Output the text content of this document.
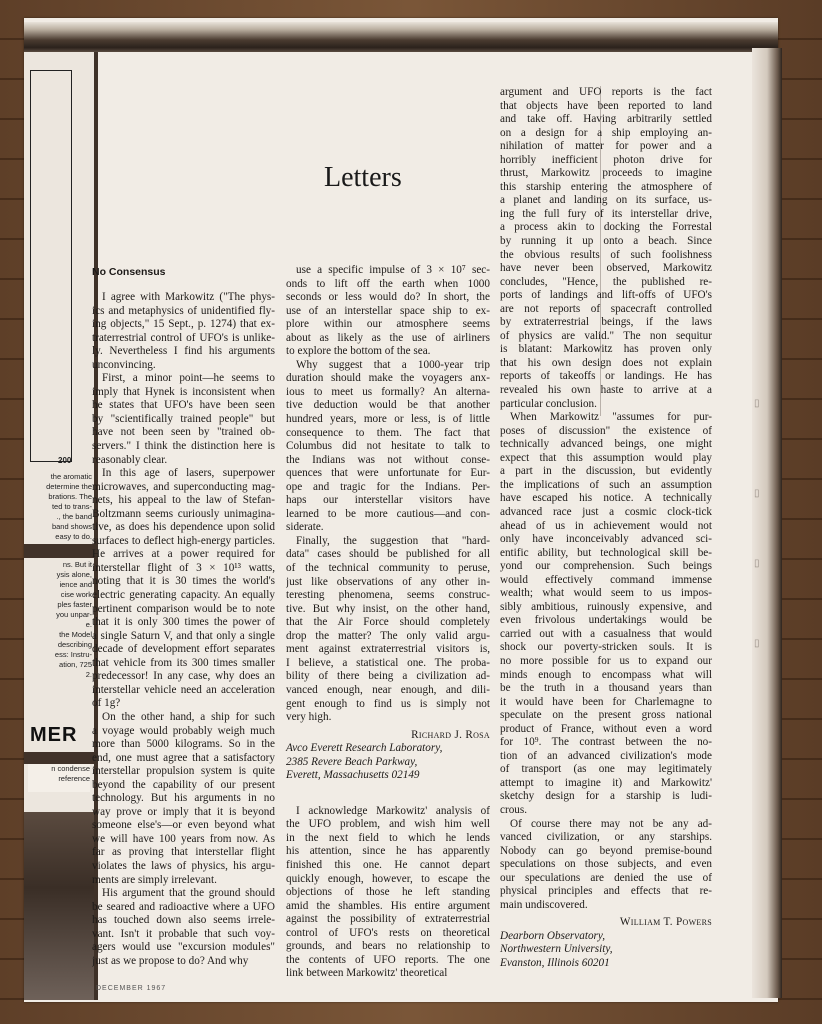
200
the aromatic
determine the
brations. The
ted to trans-
., the band
band shows
easy to do.
ns. But it
ysis alone,
ience and
cise work
ples faster
you unpar-
e.
the Model
describing
ess: Instru-
ation, 725
2.
MER
n condense
reference
▯
▯
▯
▯
Letters
No Consensus
I agree with Markowitz ("The phys-
ics and metaphysics of unidentified fly-
ing objects," 15 Sept., p. 1274) that ex-
traterrestrial control of UFO's is unlike-
ly. Nevertheless I find his arguments
unconvincing.
First, a minor point—he seems to
imply that Hynek is inconsistent when
he states that UFO's have been seen
by "scientifically trained people" but
have not been seen by "trained ob-
servers." I think the distinction here is
reasonably clear.
In this age of lasers, superpower
microwaves, and superconducting mag-
nets, his appeal to the law of Stefan-
Boltzmann seems curiously unimagina-
tive, as does his dependence upon solid
surfaces to deflect high-energy particles.
He arrives at a power required for
interstellar flight of 3 × 10¹³ watts,
noting that it is 30 times the world's
electric generating capacity. An equally
pertinent comparison would be to note
that it is only 300 times the power of
a single Saturn V, and that only a single
decade of development effort separates
that vehicle from its 300 times smaller
predecessor! In any case, why does an
interstellar vehicle need an acceleration
of 1g?
On the other hand, a ship for such
a voyage would probably weigh much
more than 5000 kilograms. So in the
end, one must agree that a satisfactory
interstellar propulsion system is quite
beyond the capability of our present
technology. But his arguments in no
way prove or imply that it is beyond
someone else's—or even beyond what
we will have 100 years from now. As
far as proving that interstellar flight
violates the laws of physics, his argu-
ments are simply irrelevant.
His argument that the ground should
be seared and radioactive where a UFO
has touched down also seems irrele-
vant. Isn't it probable that such voy-
agers would use "excursion modules"
just as we propose to do? And why
use a specific impulse of 3 × 10⁷ sec-
onds to lift off the earth when 1000
seconds or less would do? In short, the
use of an interstellar space ship to ex-
plore within our atmosphere seems
about as likely as the use of airliners
to explore the bottom of the sea.
Why suggest that a 1000-year trip
duration should make the voyagers anx-
ious to meet us formally? An alterna-
tive deduction would be that another
hundred years, more or less, is of little
consequence to them. The fact that
Columbus did not hesitate to talk to
the Indians was not without conse-
quences that were unfortunate for Eur-
ope and tragic for the Indians. Per-
haps our interstellar visitors have
learned to be more cautious—and con-
siderate.
Finally, the suggestion that "hard-
data" cases should be published for all
of the technical community to peruse,
just like observations of any other in-
teresting phenomena, seems construc-
tive. But why insist, on the other hand,
that the Air Force should completely
drop the matter? The only valid argu-
ment against extraterrestrial visitors is,
I believe, a statistical one. The proba-
bility of there being a civilization ad-
vanced enough, near enough, and dili-
gent enough to find us is simply not
very high.
Richard J. Rosa
Avco Everett Research Laboratory,
2385 Revere Beach Parkway,
Everett, Massachusetts 02149
I acknowledge Markowitz' analysis of
the UFO problem, and wish him well
in the next field to which he lends
his attention, since he has apparently
finished this one. He cannot depart
quickly enough, however, to escape the
objections of those he left standing
amid the shambles. His entire argument
against the possibility of extraterrestrial
control of UFO's rests on theoretical
grounds, and bears no relationship to
the contents of UFO reports. The one
link between Markowitz' theoretical
argument and UFO reports is the fact
that objects have been reported to land
and take off. Having arbitrarily settled
on a design for a ship employing an-
nihilation of matter for power and a
horribly inefficient photon drive for
thrust, Markowitz proceeds to imagine
this starship entering the atmosphere of
a planet and landing on its surface, us-
ing the full fury of its interstellar drive,
a process akin to docking the Forrestal
by running it up onto a beach. Since
the obvious results of such foolishness
have never been observed, Markowitz
concludes, "Hence, the published re-
ports of landings and lift-offs of UFO's
are not reports of spacecraft controlled
by extraterrestrial beings, if the laws
of physics are valid." The non sequitur
is blatant: Markowitz has proven only
that his own design does not explain
reports of takeoffs or landings. He has
revealed his own haste to arrive at a
particular conclusion.
When Markowitz "assumes for pur-
poses of discussion" the existence of
technically advanced beings, one might
expect that this assumption would play
a part in the discussion, but evidently
the implications of such an assumption
have escaped his notice. A technically
advanced race just a cosmic clock-tick
ahead of us in achievement would not
only have inconceivably advanced sci-
entific ability, but technological skill be-
yond our comprehension. Such beings
would effectively command immense
wealth; what would seem to us impos-
sibly ambitious, ruinously expensive, and
even frivolous undertakings would be
carried out with a casualness that would
shock our poverty-stricken souls. It is
no more possible for us to expand our
minds enough to encompass what will
be the truth in a thousand years than
it would have been for Charlemagne to
speculate on the present gross national
product of France, without even a word
for 10⁹. The contrast between the no-
tion of an advanced civilization's mode
of transport (as one may legitimately
attempt to imagine it) and Markowitz'
sketchy design for a starship is ludi-
crous.
Of course there may not be any ad-
vanced civilization, or any starships.
Nobody can go beyond premise-bound
speculations on those subjects, and even
our speculations are denied the use of
physical principles and effects that re-
main undiscovered.
William T. Powers
Dearborn Observatory,
Northwestern University,
Evanston, Illinois 60201
DECEMBER 1967
